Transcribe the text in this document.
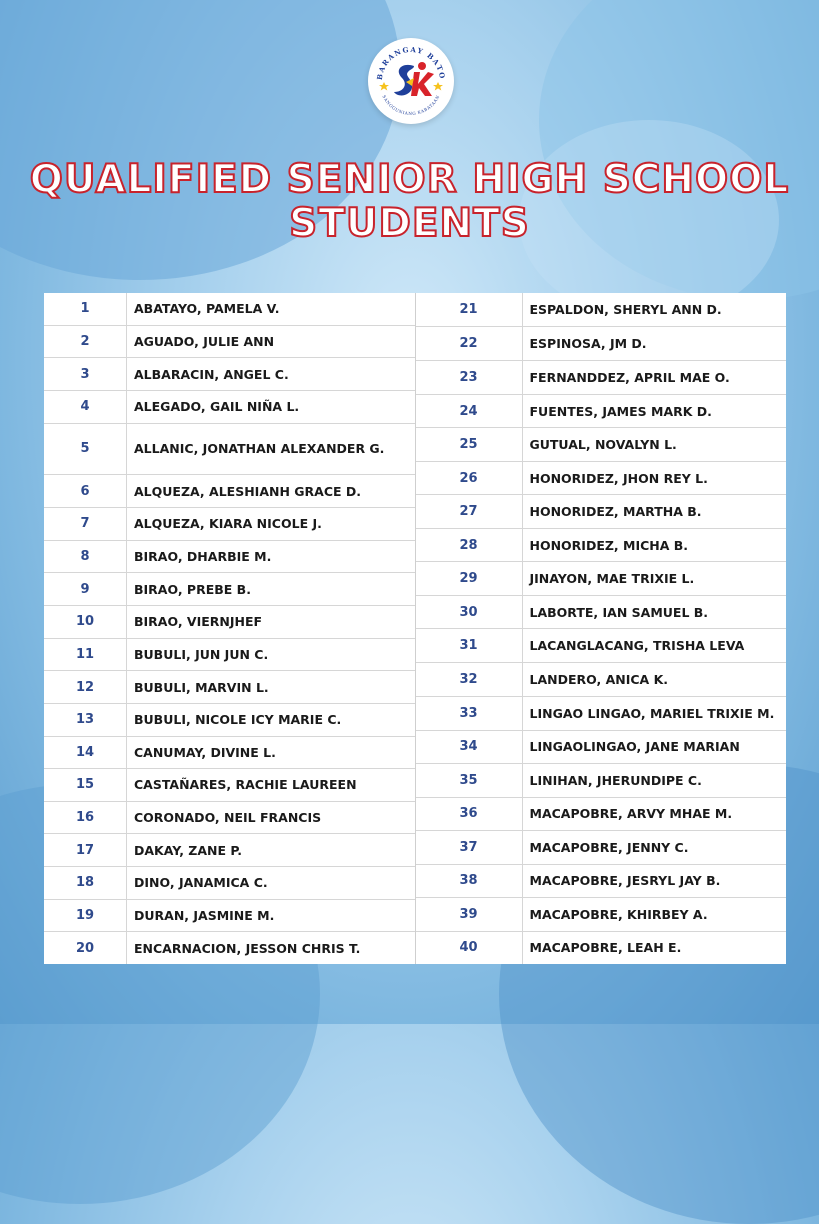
BARANGAY BATO
SANGGUNIANG KABATAAN
QUALIFIED SENIOR HIGH SCHOOL
STUDENTS
1	ABATAYO, PAMELA V.
2	AGUADO, JULIE ANN
3	ALBARACIN, ANGEL C.
4	ALEGADO, GAIL NIÑA L.
5	ALLANIC, JONATHAN ALEXANDER G.
6	ALQUEZA, ALESHIANH GRACE D.
7	ALQUEZA, KIARA NICOLE J.
8	BIRAO, DHARBIE M.
9	BIRAO, PREBE B.
10	BIRAO, VIERNJHEF
11	BUBULI, JUN JUN C.
12	BUBULI, MARVIN L.
13	BUBULI, NICOLE ICY MARIE C.
14	CANUMAY, DIVINE L.
15	CASTAÑARES, RACHIE LAUREEN
16	CORONADO, NEIL FRANCIS
17	DAKAY, ZANE P.
18	DINO, JANAMICA C.
19	DURAN, JASMINE M.
20	ENCARNACION, JESSON CHRIS T.
21	ESPALDON, SHERYL ANN D.
22	ESPINOSA, JM D.
23	FERNANDDEZ, APRIL MAE O.
24	FUENTES, JAMES MARK D.
25	GUTUAL, NOVALYN L.
26	HONORIDEZ, JHON REY L.
27	HONORIDEZ, MARTHA B.
28	HONORIDEZ, MICHA B.
29	JINAYON, MAE TRIXIE L.
30	LABORTE, IAN SAMUEL B.
31	LACANGLACANG, TRISHA LEVA
32	LANDERO, ANICA K.
33	LINGAO LINGAO, MARIEL TRIXIE M.
34	LINGAOLINGAO, JANE MARIAN
35	LINIHAN, JHERUNDIPE C.
36	MACAPOBRE, ARVY MHAE M.
37	MACAPOBRE, JENNY C.
38	MACAPOBRE, JESRYL JAY B.
39	MACAPOBRE, KHIRBEY A.
40	MACAPOBRE, LEAH E.
